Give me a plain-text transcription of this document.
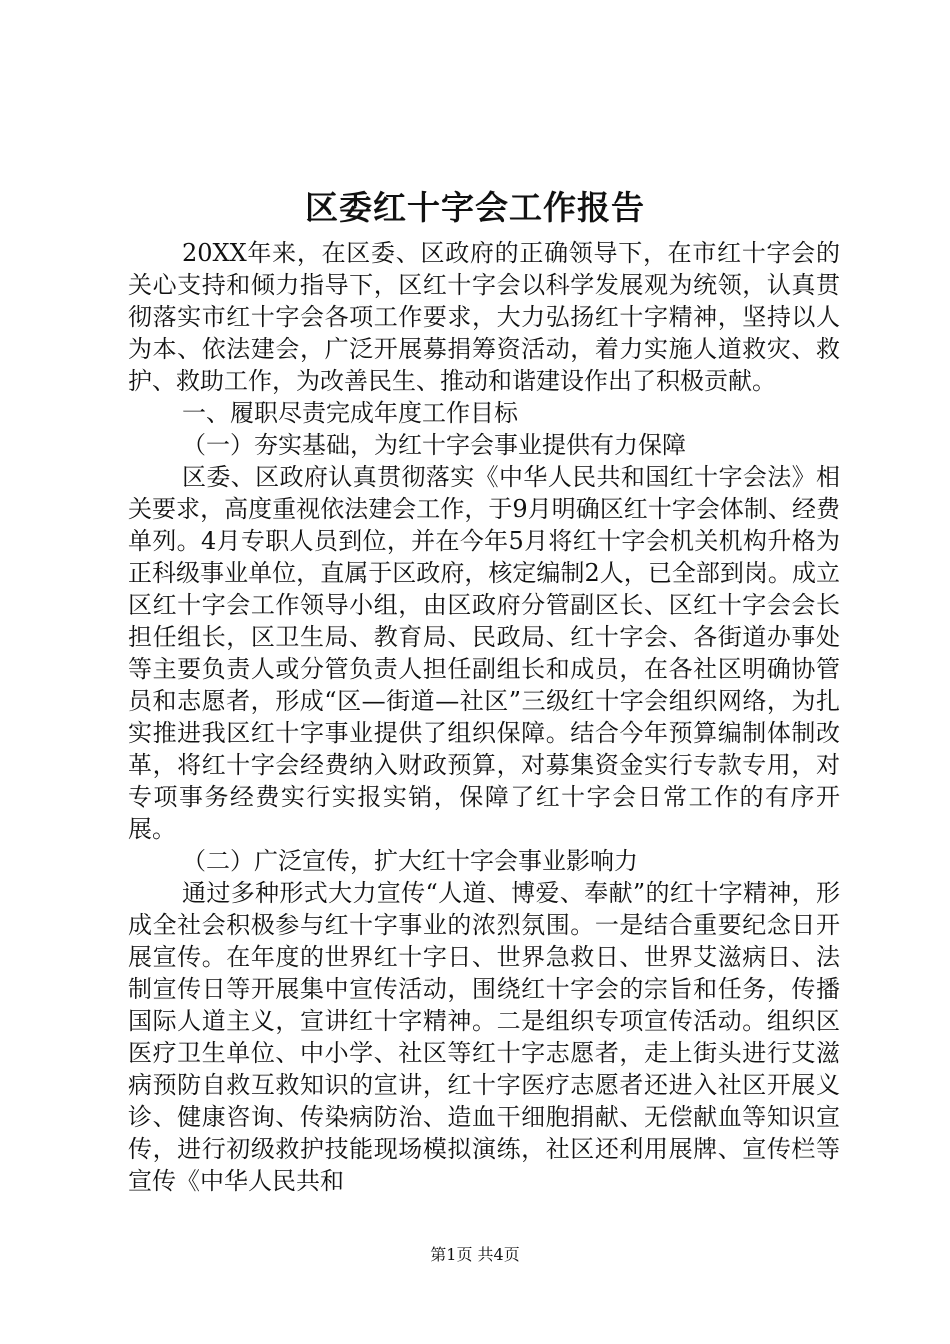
区委红十字会工作报告

20XX年来，在区委、区政府的正确领导下，在市红十字会的关心支持和倾力指导下，区红十字会以科学发展观为统领，认真贯彻落实市红十字会各项工作要求，大力弘扬红十字精神，坚持以人为本、依法建会，广泛开展募捐筹资活动，着力实施人道救灾、救护、救助工作，为改善民生、推动和谐建设作出了积极贡献。

一、履职尽责完成年度工作目标

（一）夯实基础，为红十字会事业提供有力保障

区委、区政府认真贯彻落实《中华人民共和国红十字会法》相关要求，高度重视依法建会工作，于9月明确区红十字会体制、经费单列。4月专职人员到位，并在今年5月将红十字会机关机构升格为正科级事业单位，直属于区政府，核定编制2人，已全部到岗。成立区红十字会工作领导小组，由区政府分管副区长、区红十字会会长担任组长，区卫生局、教育局、民政局、红十字会、各街道办事处等主要负责人或分管负责人担任副组长和成员，在各社区明确协管员和志愿者，形成“区—街道—社区”三级红十字会组织网络，为扎实推进我区红十字事业提供了组织保障。结合今年预算编制体制改革，将红十字会经费纳入财政预算，对募集资金实行专款专用，对专项事务经费实行实报实销，保障了红十字会日常工作的有序开展。

（二）广泛宣传，扩大红十字会事业影响力

通过多种形式大力宣传“人道、博爱、奉献”的红十字精神，形成全社会积极参与红十字事业的浓烈氛围。一是结合重要纪念日开展宣传。在年度的世界红十字日、世界急救日、世界艾滋病日、法制宣传日等开展集中宣传活动，围绕红十字会的宗旨和任务，传播国际人道主义，宣讲红十字精神。二是组织专项宣传活动。组织区医疗卫生单位、中小学、社区等红十字志愿者，走上街头进行艾滋病预防自救互救知识的宣讲，红十字医疗志愿者还进入社区开展义诊、健康咨询、传染病防治、造血干细胞捐献、无偿献血等知识宣传，进行初级救护技能现场模拟演练，社区还利用展牌、宣传栏等宣传《中华人民共和

第1页 共4页
